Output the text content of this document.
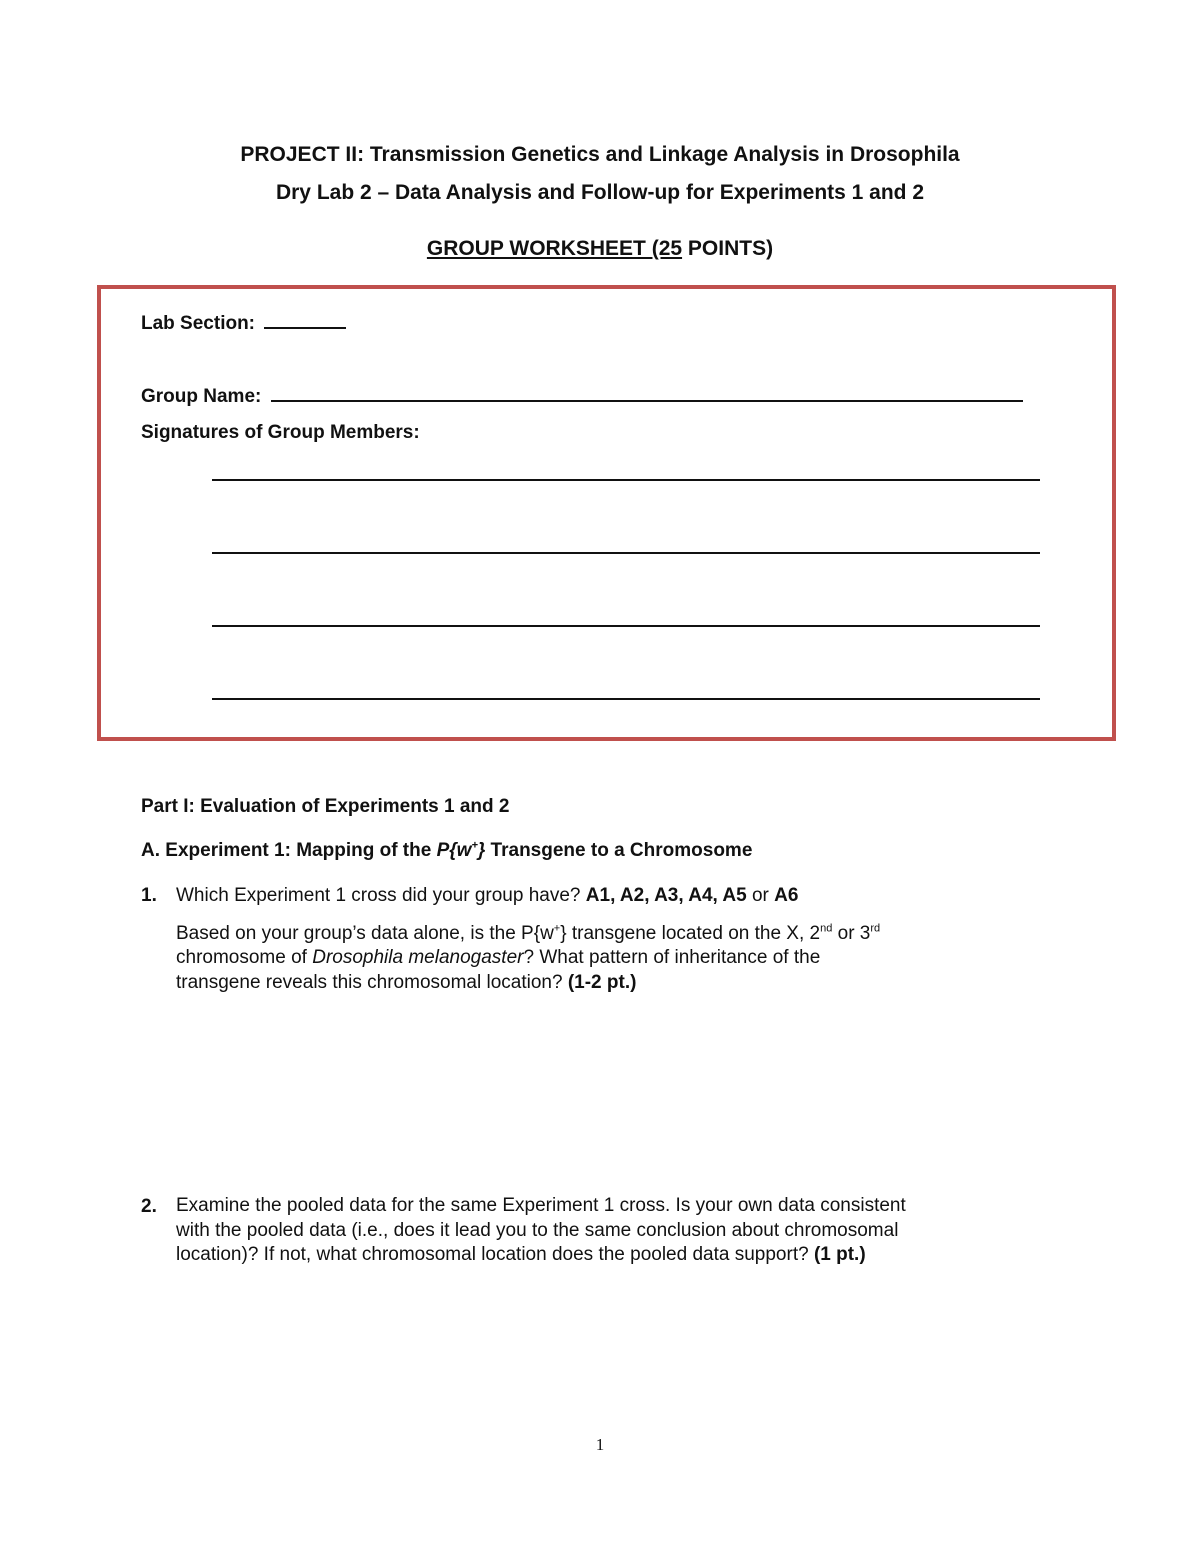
PROJECT II: Transmission Genetics and Linkage Analysis in Drosophila
Dry Lab 2 – Data Analysis and Follow-up for Experiments 1 and 2
GROUP WORKSHEET (25 POINTS)
Lab Section:
Group Name:
Signatures of Group Members:
Part I: Evaluation of Experiments 1 and 2
A. Experiment 1: Mapping of the P{w+} Transgene to a Chromosome
1. Which Experiment 1 cross did your group have? A1, A2, A3, A4, A5 or A6
Based on your group’s data alone, is the P{w+} transgene located on the X, 2nd or 3rd
chromosome of Drosophila melanogaster? What pattern of inheritance of the
transgene reveals this chromosomal location? (1-2 pt.)
2. Examine the pooled data for the same Experiment 1 cross. Is your own data consistent
with the pooled data (i.e., does it lead you to the same conclusion about chromosomal
location)? If not, what chromosomal location does the pooled data support? (1 pt.)
1
